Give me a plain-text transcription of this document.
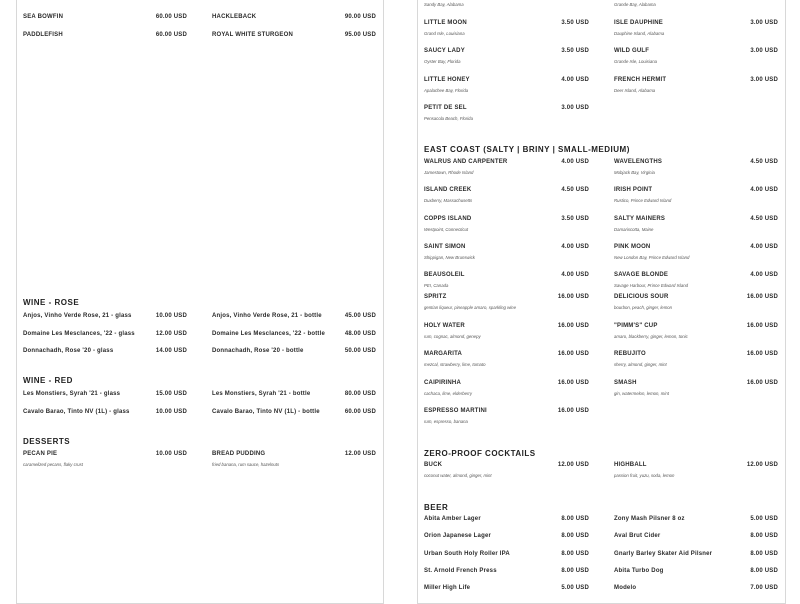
SEA BOWFIN	60.00 USD	HACKLEBACK	90.00 USD
PADDLEFISH	60.00 USD	ROYAL WHITE STURGEON	95.00 USD
WINE - ROSE
Anjos, Vinho Verde Rose, 21 - glass	10.00 USD	Anjos, Vinho Verde Rose, 21 - bottle	45.00 USD
Domaine Les Mesclances, '22 - glass	12.00 USD	Domaine Les Mesclances, '22 - bottle	48.00 USD
Donnachadh, Rose '20 - glass	14.00 USD	Donnachadh, Rose '20 - bottle	50.00 USD
WINE - RED
Les Monstiers, Syrah '21 - glass	15.00 USD	Les Monstiers, Syrah '21 - bottle	80.00 USD
Cavalo Barao, Tinto NV (1L) - glass	10.00 USD	Cavalo Barao, Tinto NV (1L) - bottle	60.00 USD
DESSERTS
PECAN PIE	10.00 USD	BREAD PUDDING	12.00 USD
caramelized pecans, flaky crust	fried banana, rum sauce, hazelnuts
Sandy Bay, Alabama	Grande Bay, Alabama
LITTLE MOON	3.50 USD
Grand Isle, Louisiana
ISLE DAUPHINE	3.00 USD
Dauphine Island, Alabama
SAUCY LADY	3.50 USD
Oyster Bay, Florida
WILD GULF	3.00 USD
Grande Isle, Louisiana
LITTLE HONEY	4.00 USD
Apalachee Bay, Florida
FRENCH HERMIT	3.00 USD
Deer Island, Alabama
PETIT DE SEL	3.00 USD
Pensacola Beach, Florida
EAST COAST (SALTY | BRINY | SMALL-MEDIUM)
WALRUS AND CARPENTER	4.00 USD
Jamestown, Rhode Island
WAVELENGTHS	4.50 USD
Mobjack Bay, Virginia
ISLAND CREEK	4.50 USD
Duxberry, Massachusetts
IRISH POINT	4.00 USD
Rustico, Prince Edward Island
COPPS ISLAND	3.50 USD
Westpoint, Connecticut
SALTY MAINERS	4.50 USD
Damariscotta, Maine
SAINT SIMON	4.00 USD
Shippigan, New Brunswick
PINK MOON	4.00 USD
New London Bay, Prince Edward Island
BEAUSOLEIL	4.00 USD
PEI, Canada
SAVAGE BLONDE	4.00 USD
Savage Harbour, Prince Edward Island
SPRITZ	16.00 USD	DELICIOUS SOUR	16.00 USD
gentian liqueur, pineapple amaro, sparkling wine	bourbon, peach, ginger, lemon
HOLY WATER	16.00 USD
rum, cognac, almond, genepy
"PIMM'S" CUP	16.00 USD
amaro, blackberry, ginger, lemon, tonic
MARGARITA	16.00 USD
mezcal, strawberry, lime, tomato
REBUJITO	16.00 USD
sherry, almond, ginger, mint
CAIPIRINHA	16.00 USD
cachaca, lime, elderberry
SMASH	16.00 USD
gin, watermelon, lemon, mint
ESPRESSO MARTINI	16.00 USD
rum, espresso, banana
ZERO-PROOF COCKTAILS
BUCK	12.00 USD
coconut water, almond, ginger, mint
HIGHBALL	12.00 USD
passion fruit, yuzu, soda, lemon
BEER
Abita Amber Lager	8.00 USD	Zony Mash Pilsner 8 oz	5.00 USD
Orion Japanese Lager	8.00 USD	Aval Brut Cider	8.00 USD
Urban South Holy Roller IPA	8.00 USD	Gnarly Barley Skater Aid Pilsner	8.00 USD
St. Arnold French Press	8.00 USD	Abita Turbo Dog	8.00 USD
Miller High Life	5.00 USD	Modelo	7.00 USD
